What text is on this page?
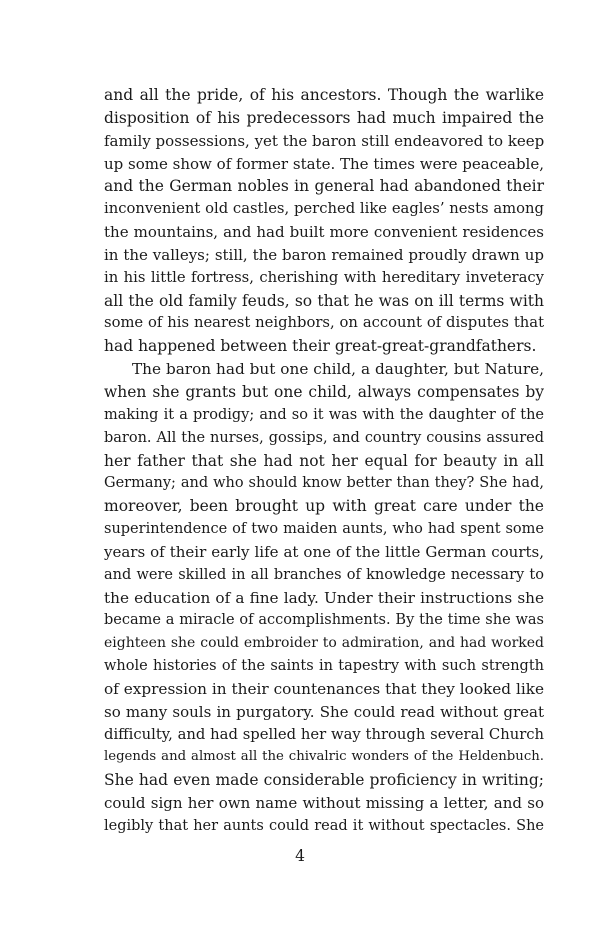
and all the pride, of his ancestors. Though the warlike
disposition of his predecessors had much impaired the
family possessions, yet the baron still endeavored to keep
up some show of former state. The times were peaceable,
and the German nobles in general had abandoned their
inconvenient old castles, perched like eagles’ nests among
the mountains, and had built more convenient residences
in the valleys; still, the baron remained proudly drawn up
in his little fortress, cherishing with hereditary inveteracy
all the old family feuds, so that he was on ill terms with
some of his nearest neighbors, on account of disputes that
had happened between their great-great-grandfathers.
The baron had but one child, a daughter, but Nature,
when she grants but one child, always compensates by
making it a prodigy; and so it was with the daughter of the
baron. All the nurses, gossips, and country cousins assured
her father that she had not her equal for beauty in all
Germany; and who should know better than they? She had,
moreover, been brought up with great care under the
superintendence of two maiden aunts, who had spent some
years of their early life at one of the little German courts,
and were skilled in all branches of knowledge necessary to
the education of a fine lady. Under their instructions she
became a miracle of accomplishments. By the time she was
eighteen she could embroider to admiration, and had worked
whole histories of the saints in tapestry with such strength
of expression in their countenances that they looked like
so many souls in purgatory. She could read without great
difficulty, and had spelled her way through several Church
legends and almost all the chivalric wonders of the Heldenbuch.
She had even made considerable proficiency in writing;
could sign her own name without missing a letter, and so
legibly that her aunts could read it without spectacles. She
4
